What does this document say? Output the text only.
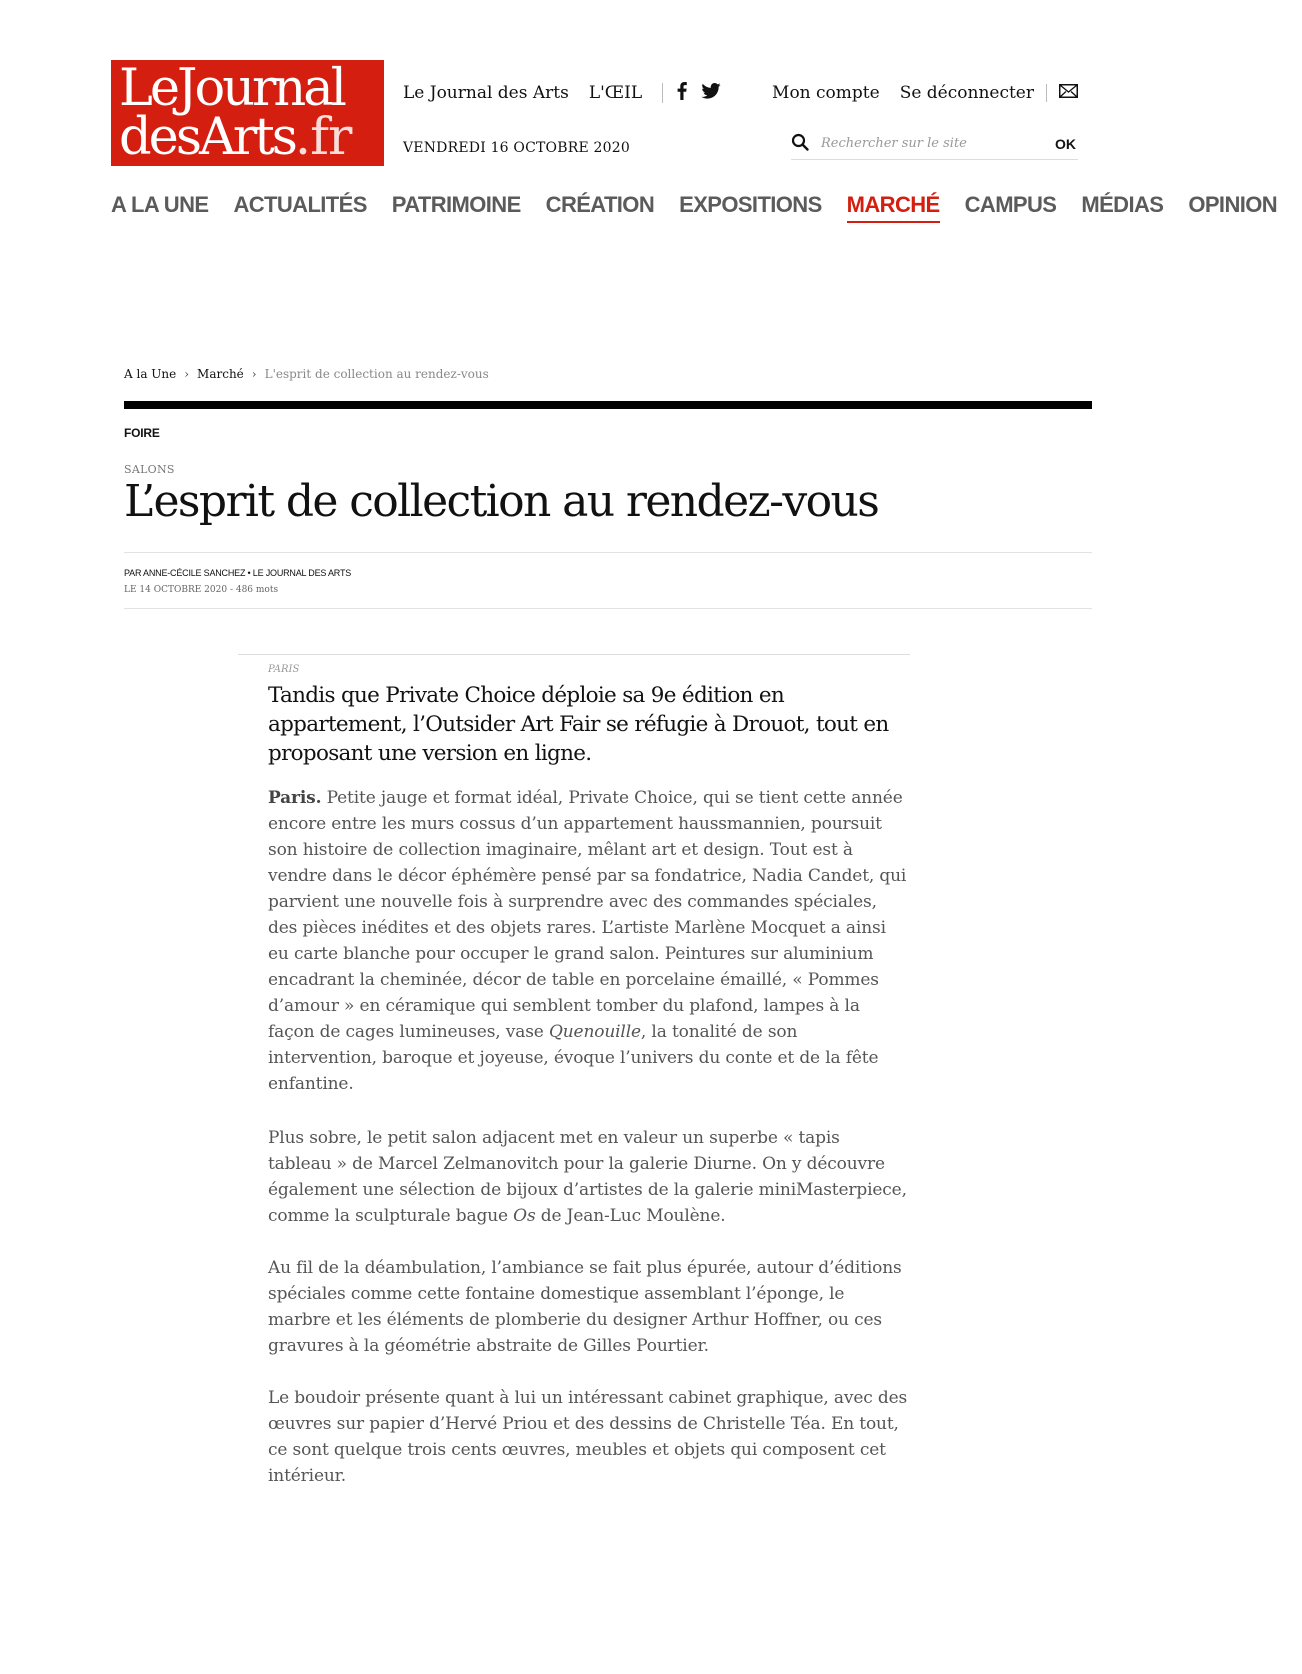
LeJournal
desArts.fr
Le Journal des Arts L'ŒIL
VENDREDI 16 OCTOBRE 2020
Mon compte Se déconnecter
Rechercher sur le site
OK
A LA UNE ACTUALITÉS PATRIMOINE CRÉATION EXPOSITIONS MARCHÉ CAMPUS MÉDIAS OPINION
A la Une › Marché › L'esprit de collection au rendez-vous
FOIRE
SALONS
L’esprit de collection au rendez-vous
PAR ANNE-CÉCILE SANCHEZ • LE JOURNAL DES ARTS
LE 14 OCTOBRE 2020 - 486 mots
PARIS

Tandis que Private Choice déploie sa 9e édition en appartement, l’Outsider Art Fair se réfugie à Drouot, tout en proposant une version en ligne.

Paris. Petite jauge et format idéal, Private Choice, qui se tient cette année encore entre les murs cossus d’un appartement haussmannien, poursuit son histoire de collection imaginaire, mêlant art et design. Tout est à vendre dans le décor éphémère pensé par sa fondatrice, Nadia Candet, qui parvient une nouvelle fois à surprendre avec des commandes spéciales, des pièces inédites et des objets rares. L’artiste Marlène Mocquet a ainsi eu carte blanche pour occuper le grand salon. Peintures sur aluminium encadrant la cheminée, décor de table en porcelaine émaillé, « Pommes d’amour » en céramique qui semblent tomber du plafond, lampes à la façon de cages lumineuses, vase Quenouille, la tonalité de son intervention, baroque et joyeuse, évoque l’univers du conte et de la fête enfantine.

Plus sobre, le petit salon adjacent met en valeur un superbe « tapis tableau » de Marcel Zelmanovitch pour la galerie Diurne. On y découvre également une sélection de bijoux d’artistes de la galerie miniMasterpiece, comme la sculpturale bague Os de Jean-Luc Moulène.

Au fil de la déambulation, l’ambiance se fait plus épurée, autour d’éditions spéciales comme cette fontaine domestique assemblant l’éponge, le marbre et les éléments de plomberie du designer Arthur Hoffner, ou ces gravures à la géométrie abstraite de Gilles Pourtier.

Le boudoir présente quant à lui un intéressant cabinet graphique, avec des œuvres sur papier d’Hervé Priou et des dessins de Christelle Téa. En tout, ce sont quelque trois cents œuvres, meubles et objets qui composent cet intérieur.
